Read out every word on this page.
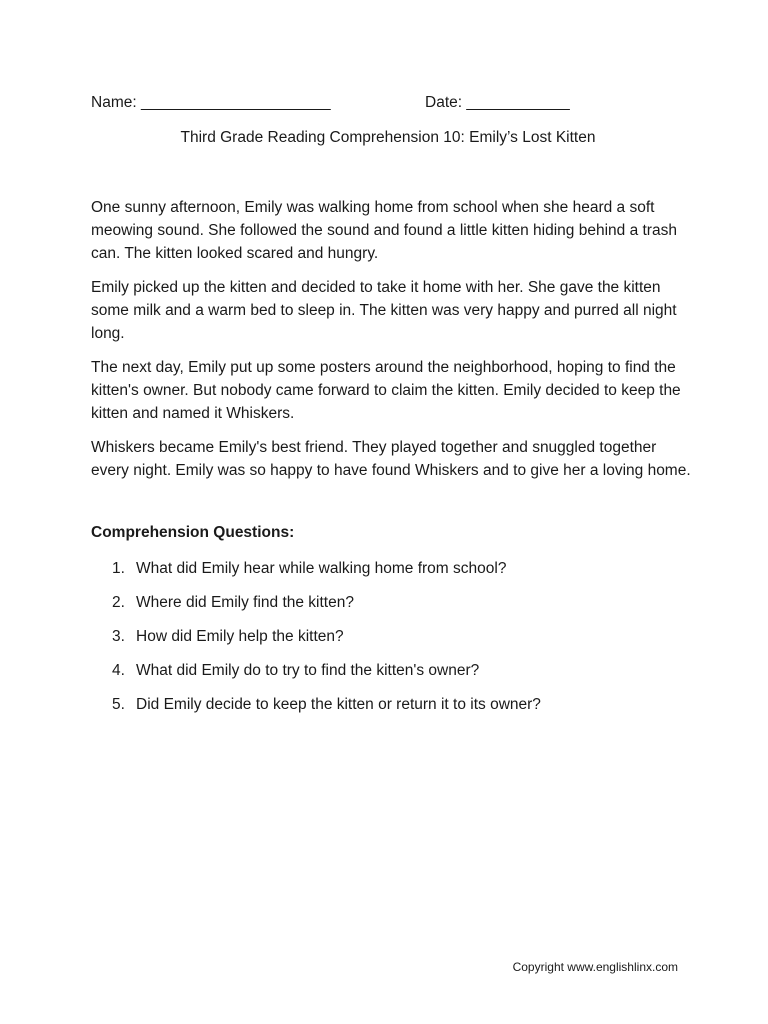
Name: ______________________	Date: ____________
Third Grade Reading Comprehension 10: Emily’s Lost Kitten

One sunny afternoon, Emily was walking home from school when she heard a soft meowing sound. She followed the sound and found a little kitten hiding behind a trash can. The kitten looked scared and hungry.

Emily picked up the kitten and decided to take it home with her. She gave the kitten some milk and a warm bed to sleep in. The kitten was very happy and purred all night long.

The next day, Emily put up some posters around the neighborhood, hoping to find the kitten's owner. But nobody came forward to claim the kitten. Emily decided to keep the kitten and named it Whiskers.

Whiskers became Emily's best friend. They played together and snuggled together every night. Emily was so happy to have found Whiskers and to give her a loving home.

Comprehension Questions:
1. What did Emily hear while walking home from school?
2. Where did Emily find the kitten?
3. How did Emily help the kitten?
4. What did Emily do to try to find the kitten's owner?
5. Did Emily decide to keep the kitten or return it to its owner?
Copyright www.englishlinx.com
